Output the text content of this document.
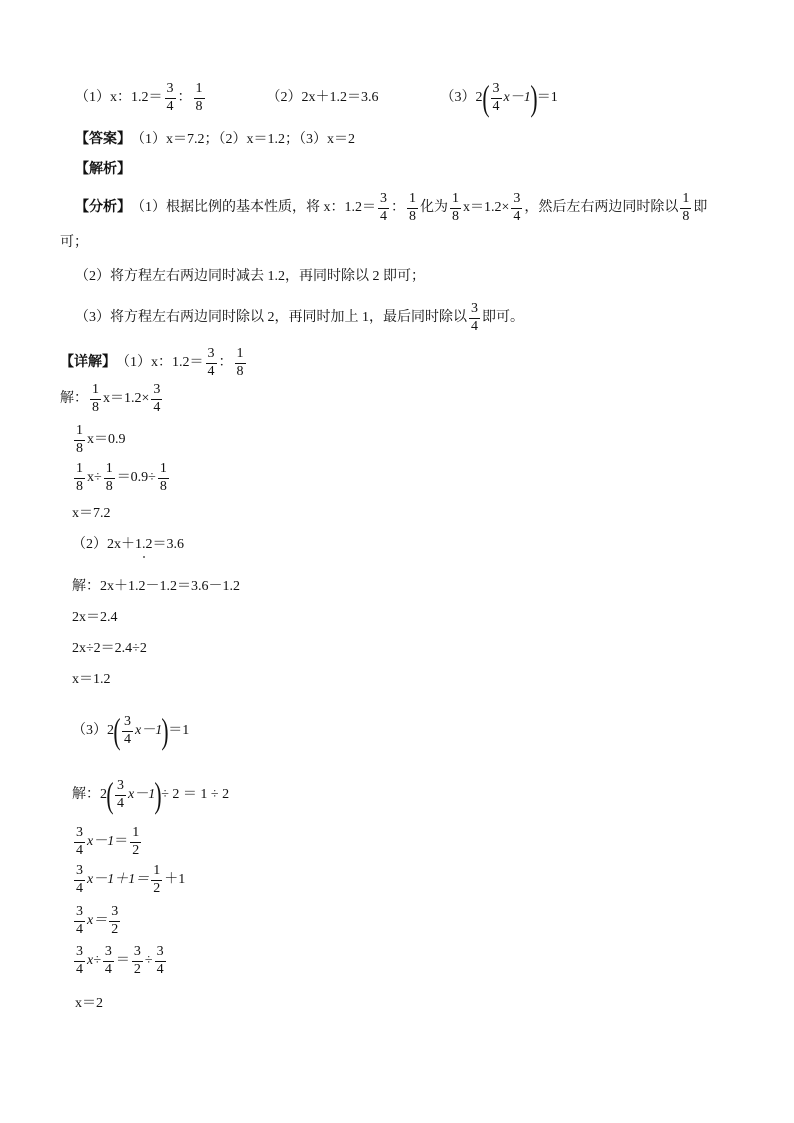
（1）x：$1.2= \frac{3}{4}$ ： $\frac{1}{8}$	（2）2x＋1.2＝3.6	（3）2 ( $\frac{3}{4} x-1$ ) ＝1
【答案】 （1）x＝7.2；（2）x＝1.2；（3）x＝2
【解析】
【分析】 （1）根据比例的基本性质，将 x：$1.2= \frac{3}{4}$ ： $\frac{1}{8}$ 化为 $\frac{1}{8} x=1.2\times \frac{3}{4}$ ，然后左右两边同时除以 $\frac{1}{8}$ 即
可；
（2）将方程左右两边同时减去 1.2，再同时除以 2 即可；
（3）将方程左右两边同时除以 2，再同时加上 1，最后同时除以 $\frac{3}{4}$ 即可。
【详解】 （1）x：$1.2= \frac{3}{4}$ ： $\frac{1}{8}$
解： $\frac{1}{8} x=1.2\times \frac{3}{4}$
$\frac{1}{8} x=0.9$
$\frac{1}{8} x\div \frac{1}{8} =0.9\div \frac{1}{8}$
x＝7.2
（2）2x＋1.2＝3.6
解：2x＋1.2－1.2＝3.6－1.2
2x＝2.4
2x÷2＝2.4÷2
x＝1.2
（3）2 ( $\frac{3}{4} x-1$ ) ＝1
解：2 ( $\frac{3}{4} x-1$ ) ÷ 2 ＝ 1 ÷ 2
$\frac{3}{4} x-1 = \frac{1}{2}$
$\frac{3}{4} x-1+1= \frac{1}{2} +1$
$\frac{3}{4} x= \frac{3}{2}$
$\frac{3}{4} x\div \frac{3}{4} = \frac{3}{2} \div \frac{3}{4}$
x＝2
